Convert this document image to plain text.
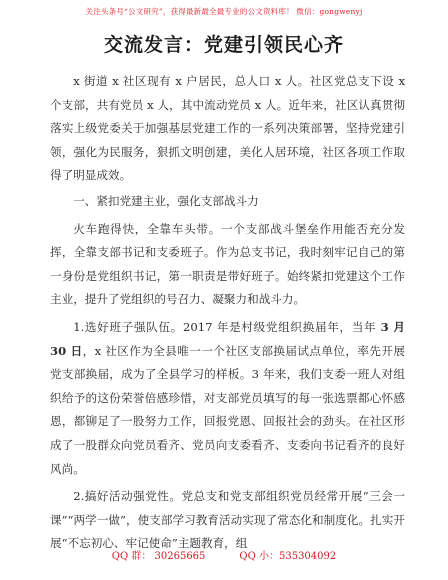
关注头条号“公文研究”，获得最新最全最专业的公文资料库！ 微信：gongwenyj
交流发言：党建引领民心齐

x 街道 x 社区现有 x 户居民，总人口 x 人。社区党总支下设 x 个支部，共有党员 x 人，其中流动党员 x 人。近年来，社区认真贯彻落实上级党委关于加强基层党建工作的一系列决策部署，坚持党建引领，强化为民服务，狠抓文明创建，美化人居环境，社区各项工作取得了明显成效。

一、紧扣党建主业，强化支部战斗力

火车跑得快，全靠车头带。一个支部战斗堡垒作用能否充分发挥，全靠支部书记和支委班子。作为总支书记，我时刻牢记自己的第一身份是党组织书记，第一职责是带好班子。始终紧扣党建这个工作主业，提升了党组织的号召力、凝聚力和战斗力。

1.选好班子强队伍。2017 年是村级党组织换届年，当年 3 月 30 日，x 社区作为全县唯一一个社区支部换届试点单位，率先开展党支部换届，成为了全县学习的样板。3 年来，我们支委一班人对组织给予的这份荣誉倍感珍惜，对支部党员填写的每一张选票都心怀感恩，都铆足了一股努力工作，回报党恩、回报社会的劲头。在社区形成了一股群众向党员看齐、党员向支委看齐、支委向书记看齐的良好风尚。

2.搞好活动强党性。党总支和党支部组织党员经常开展“三会一课”“两学一做”，使支部学习教育活动实现了常态化和制度化。扎实开展“不忘初心、牢记使命”主题教育，组

QQ 群： 30265665	QQ 小：535304092
